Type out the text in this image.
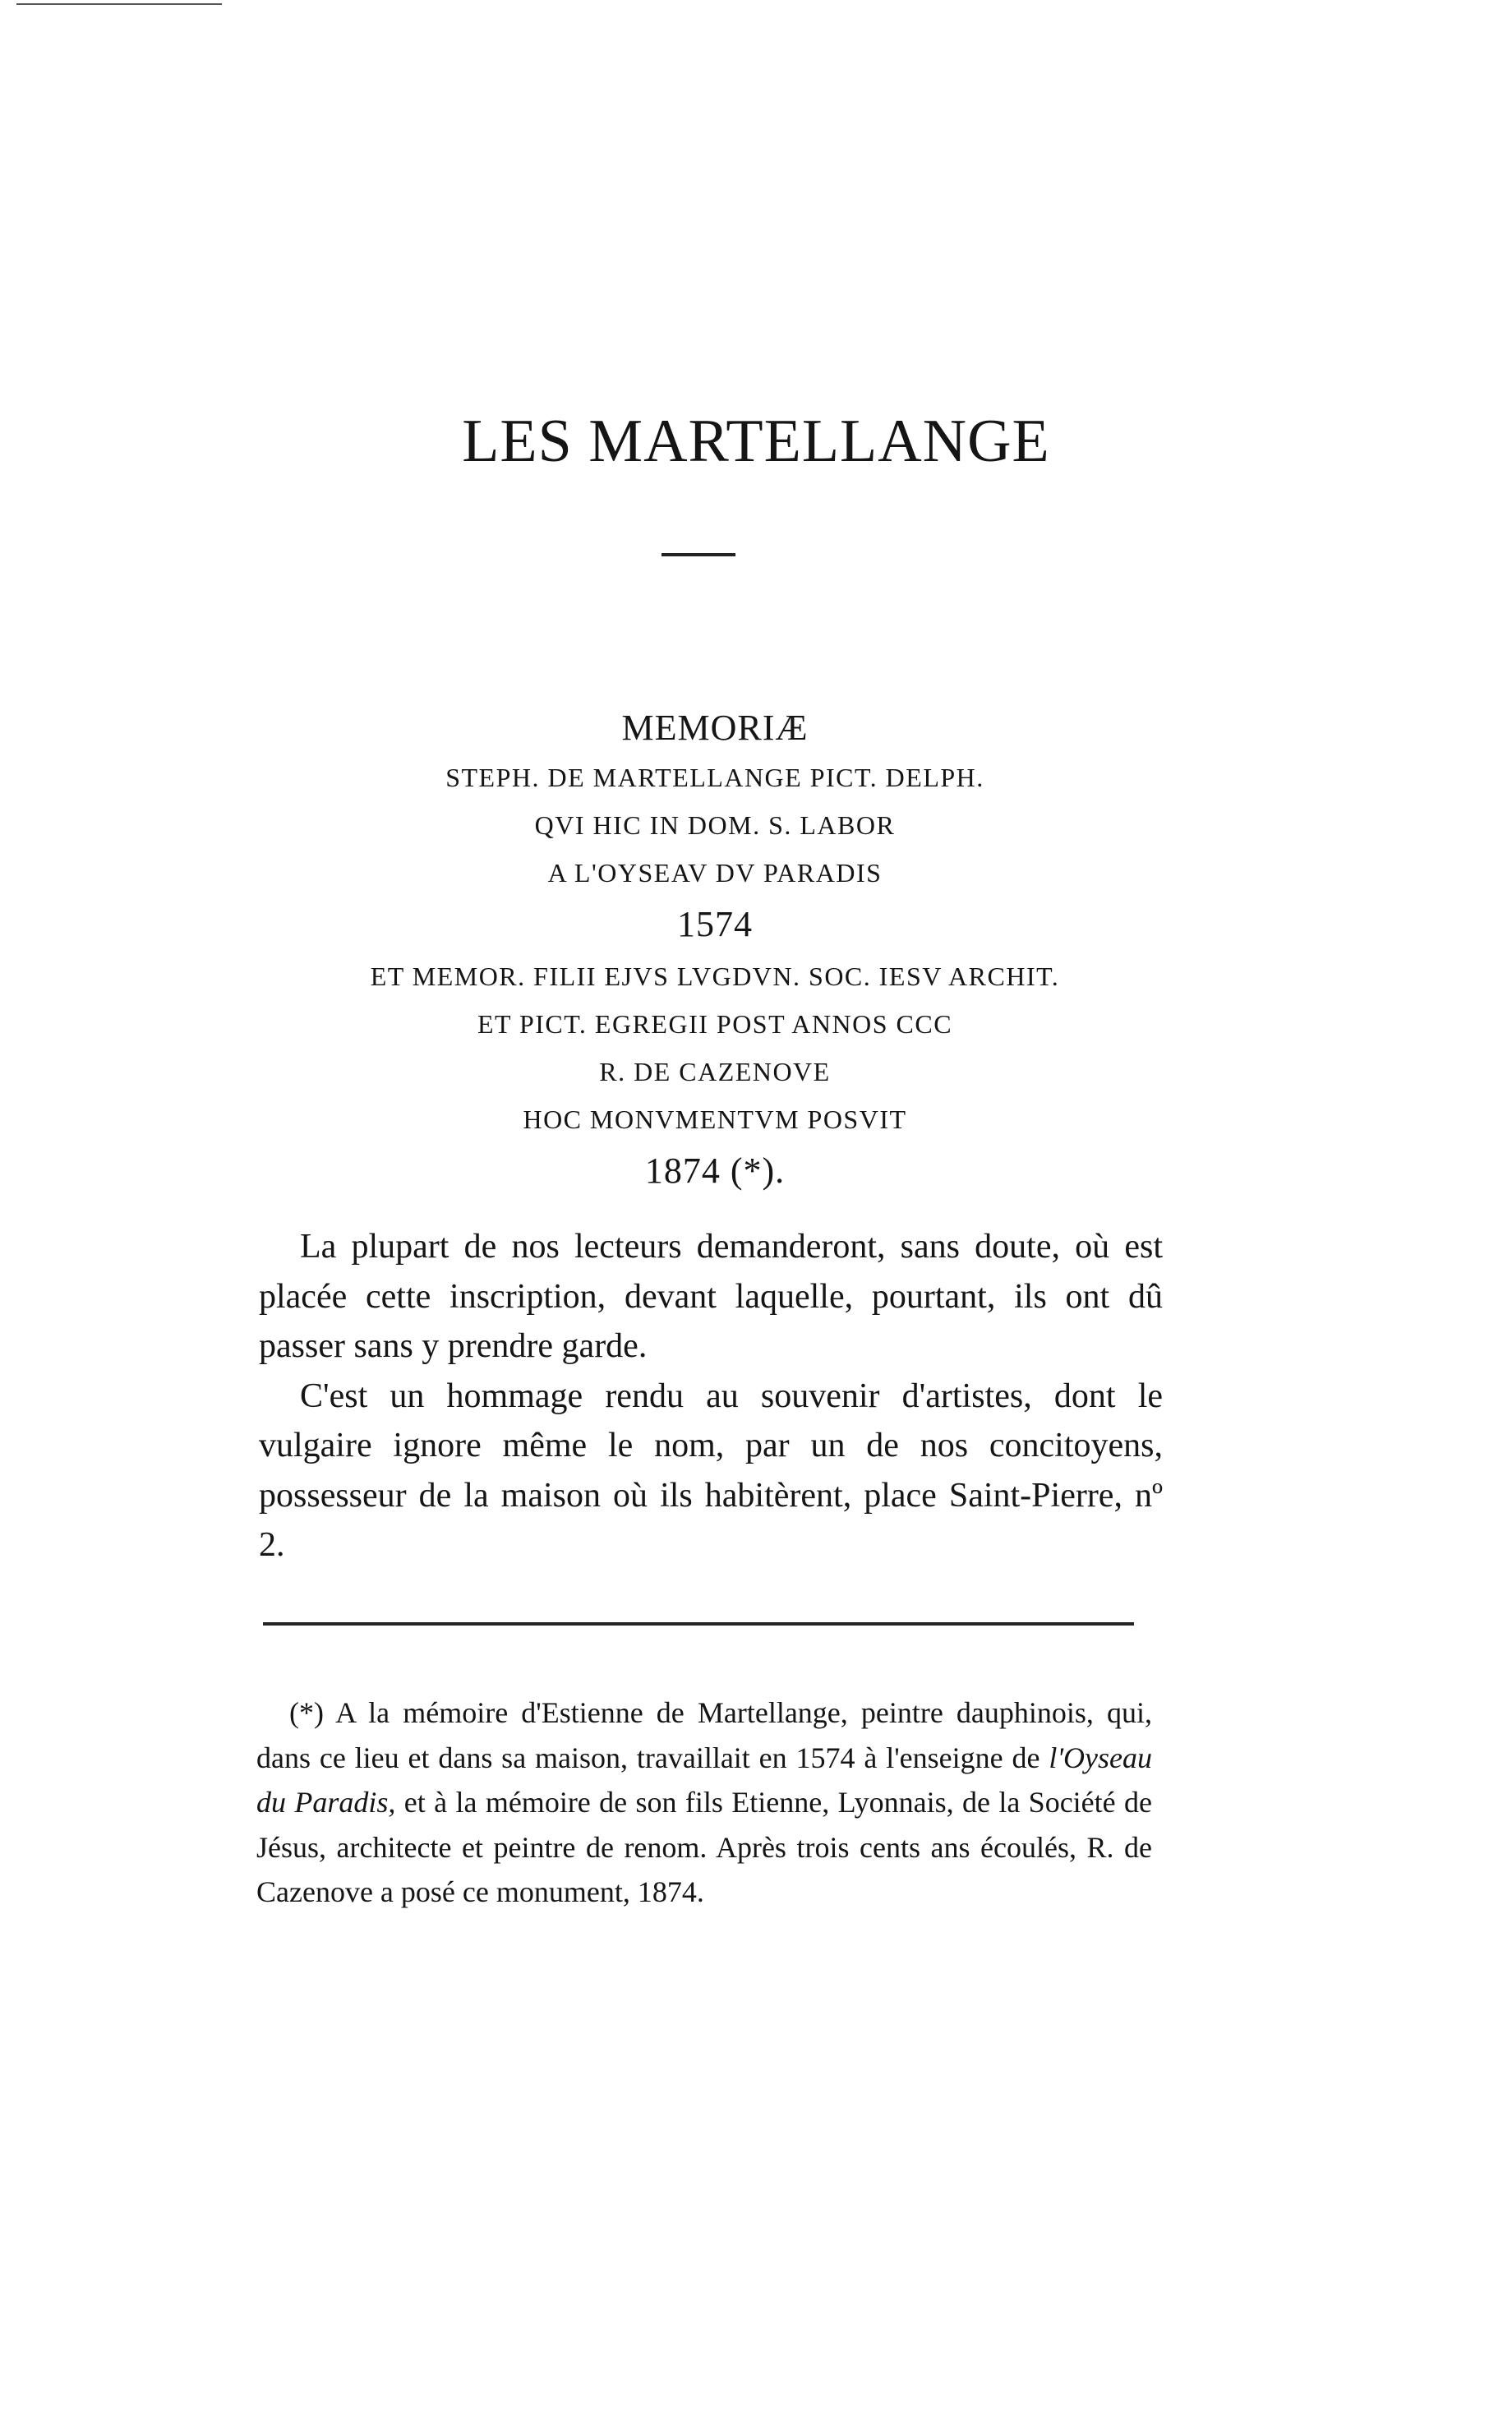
LES MARTELLANGE
MEMORIÆ
STEPH. DE MARTELLANGE PICT. DELPH.
QVI HIC IN DOM. S. LABOR
A L'OYSEAV DV PARADIS
1574
ET MEMOR. FILII EJVS LVGDVN. SOC. IESV ARCHIT.
ET PICT. EGREGII POST ANNOS CCC
R. DE CAZENOVE
HOC MONVMENTVM POSVIT
1874 (*).

La plupart de nos lecteurs demanderont, sans doute, où est placée cette inscription, devant laquelle, pourtant, ils ont dû passer sans y prendre garde.

C'est un hommage rendu au souvenir d'artistes, dont le vulgaire ignore même le nom, par un de nos concitoyens, possesseur de la maison où ils habitèrent, place Saint-Pierre, nº 2.

(*) A la mémoire d'Estienne de Martellange, peintre dauphinois, qui, dans ce lieu et dans sa maison, travaillait en 1574 à l'enseigne de l'Oyseau du Paradis, et à la mémoire de son fils Etienne, Lyonnais, de la Société de Jésus, architecte et peintre de renom. Après trois cents ans écoulés, R. de Cazenove a posé ce monument, 1874.
